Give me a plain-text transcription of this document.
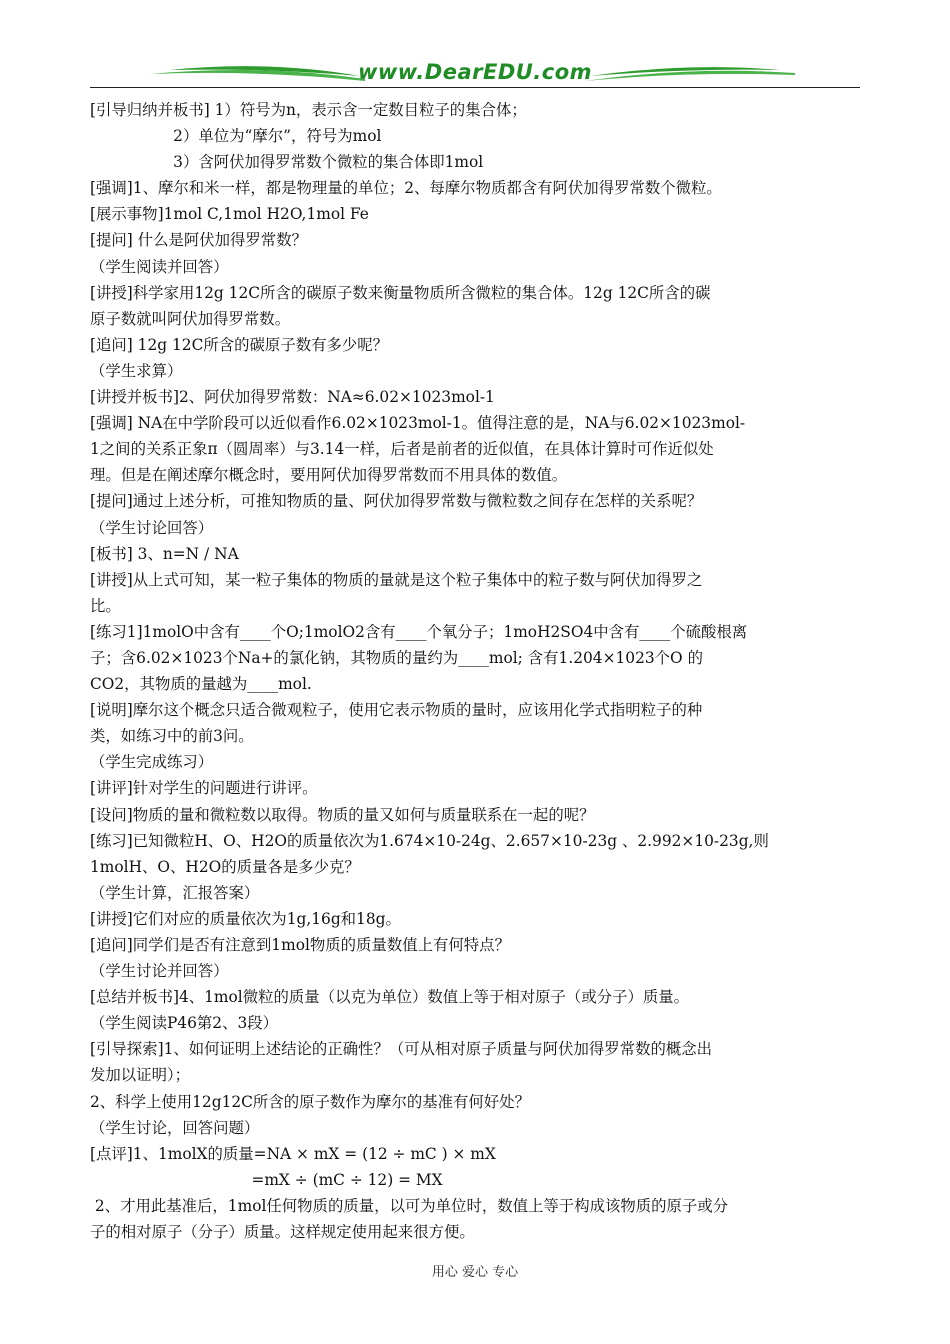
www.DearEDU.com
[引导归纳并板书] 1）符号为n，表示含一定数目粒子的集合体；
2）单位为“摩尔”，符号为mol
3）含阿伏加得罗常数个微粒的集合体即1mol
[强调]1、摩尔和米一样，都是物理量的单位；2、每摩尔物质都含有阿伏加得罗常数个微粒。
[展示事物]1mol C,1mol H2O,1mol Fe
[提问] 什么是阿伏加得罗常数？
（学生阅读并回答）
[讲授]科学家用12g 12C所含的碳原子数来衡量物质所含微粒的集合体。12g 12C所含的碳
原子数就叫阿伏加得罗常数。
[追问] 12g 12C所含的碳原子数有多少呢？
（学生求算）
[讲授并板书]2、阿伏加得罗常数：NA≈6.02×1023mol-1
[强调] NA在中学阶段可以近似看作6.02×1023mol-1。值得注意的是，NA与6.02×1023mol-
1之间的关系正象π（圆周率）与3.14一样，后者是前者的近似值，在具体计算时可作近似处
理。但是在阐述摩尔概念时，要用阿伏加得罗常数而不用具体的数值。
[提问]通过上述分析，可推知物质的量、阿伏加得罗常数与微粒数之间存在怎样的关系呢？
（学生讨论回答）
[板书] 3、n=N / NA
[讲授]从上式可知，某一粒子集体的物质的量就是这个粒子集体中的粒子数与阿伏加得罗之
比。
[练习1]1molO中含有____个O;1molO2含有____个氧分子；1moH2SO4中含有____个硫酸根离
子；含6.02×1023个Na+的氯化钠，其物质的量约为____mol; 含有1.204×1023个O 的
CO2，其物质的量越为____mol.
[说明]摩尔这个概念只适合微观粒子，使用它表示物质的量时，应该用化学式指明粒子的种
类，如练习中的前3问。
（学生完成练习）
[讲评]针对学生的问题进行讲评。
[设问]物质的量和微粒数以取得。物质的量又如何与质量联系在一起的呢？
[练习]已知微粒H、O、H2O的质量依次为1.674×10-24g、2.657×10-23g 、2.992×10-23g,则
1molH、O、H2O的质量各是多少克？
（学生计算，汇报答案）
[讲授]它们对应的质量依次为1g,16g和18g。
[追问]同学们是否有注意到1mol物质的质量数值上有何特点？
（学生讨论并回答）
[总结并板书]4、1mol微粒的质量（以克为单位）数值上等于相对原子（或分子）质量。
（学生阅读P46第2、3段）
[引导探索]1、如何证明上述结论的正确性？（可从相对原子质量与阿伏加得罗常数的概念出
发加以证明）；
2、科学上使用12g12C所含的原子数作为摩尔的基准有何好处？
（学生讨论，回答问题）
[点评]1、1molX的质量=NA × mX = (12 ÷ mC ) × mX
=mX ÷ (mC ÷ 12) = MX
2、才用此基准后，1mol任何物质的质量，以可为单位时，数值上等于构成该物质的原子或分
子的相对原子（分子）质量。这样规定使用起来很方便。
用心 爱心 专心
